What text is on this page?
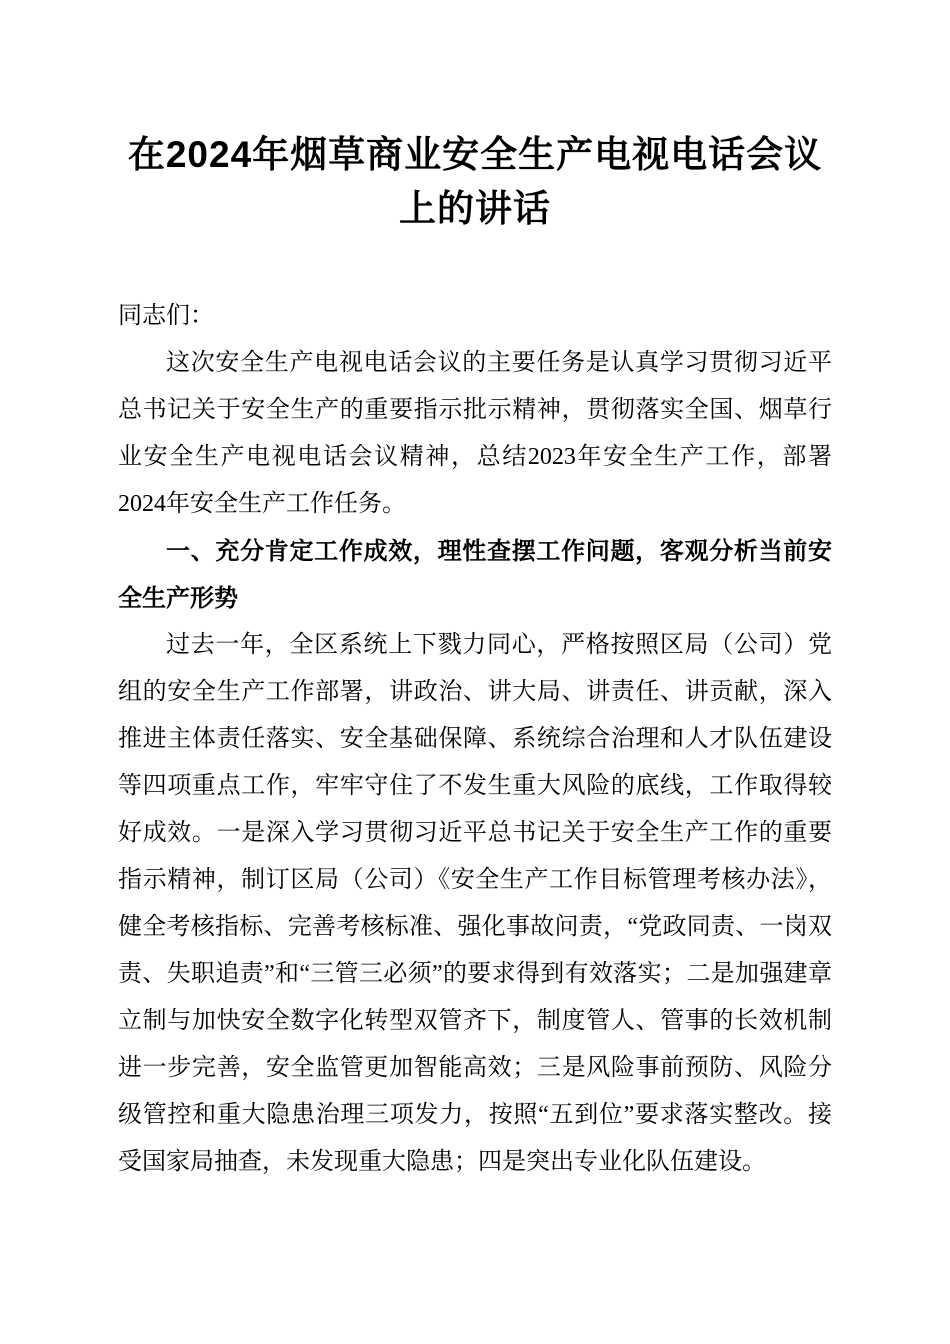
在2024年烟草商业安全生产电视电话会议上的讲话

同志们：

这次安全生产电视电话会议的主要任务是认真学习贯彻习近平总书记关于安全生产的重要指示批示精神，贯彻落实全国、烟草行业安全生产电视电话会议精神，总结2023年安全生产工作，部署2024年安全生产工作任务。

一、充分肯定工作成效，理性查摆工作问题，客观分析当前安全生产形势

过去一年，全区系统上下戮力同心，严格按照区局（公司）党组的安全生产工作部署，讲政治、讲大局、讲责任、讲贡献，深入推进主体责任落实、安全基础保障、系统综合治理和人才队伍建设等四项重点工作，牢牢守住了不发生重大风险的底线，工作取得较好成效。一是深入学习贯彻习近平总书记关于安全生产工作的重要指示精神，制订区局（公司）《安全生产工作目标管理考核办法》，健全考核指标、完善考核标准、强化事故问责，“党政同责、一岗双责、失职追责”和“三管三必须”的要求得到有效落实；二是加强建章立制与加快安全数字化转型双管齐下，制度管人、管事的长效机制进一步完善，安全监管更加智能高效；三是风险事前预防、风险分级管控和重大隐患治理三项发力，按照“五到位”要求落实整改。接受国家局抽查，未发现重大隐患；四是突出专业化队伍建设。
